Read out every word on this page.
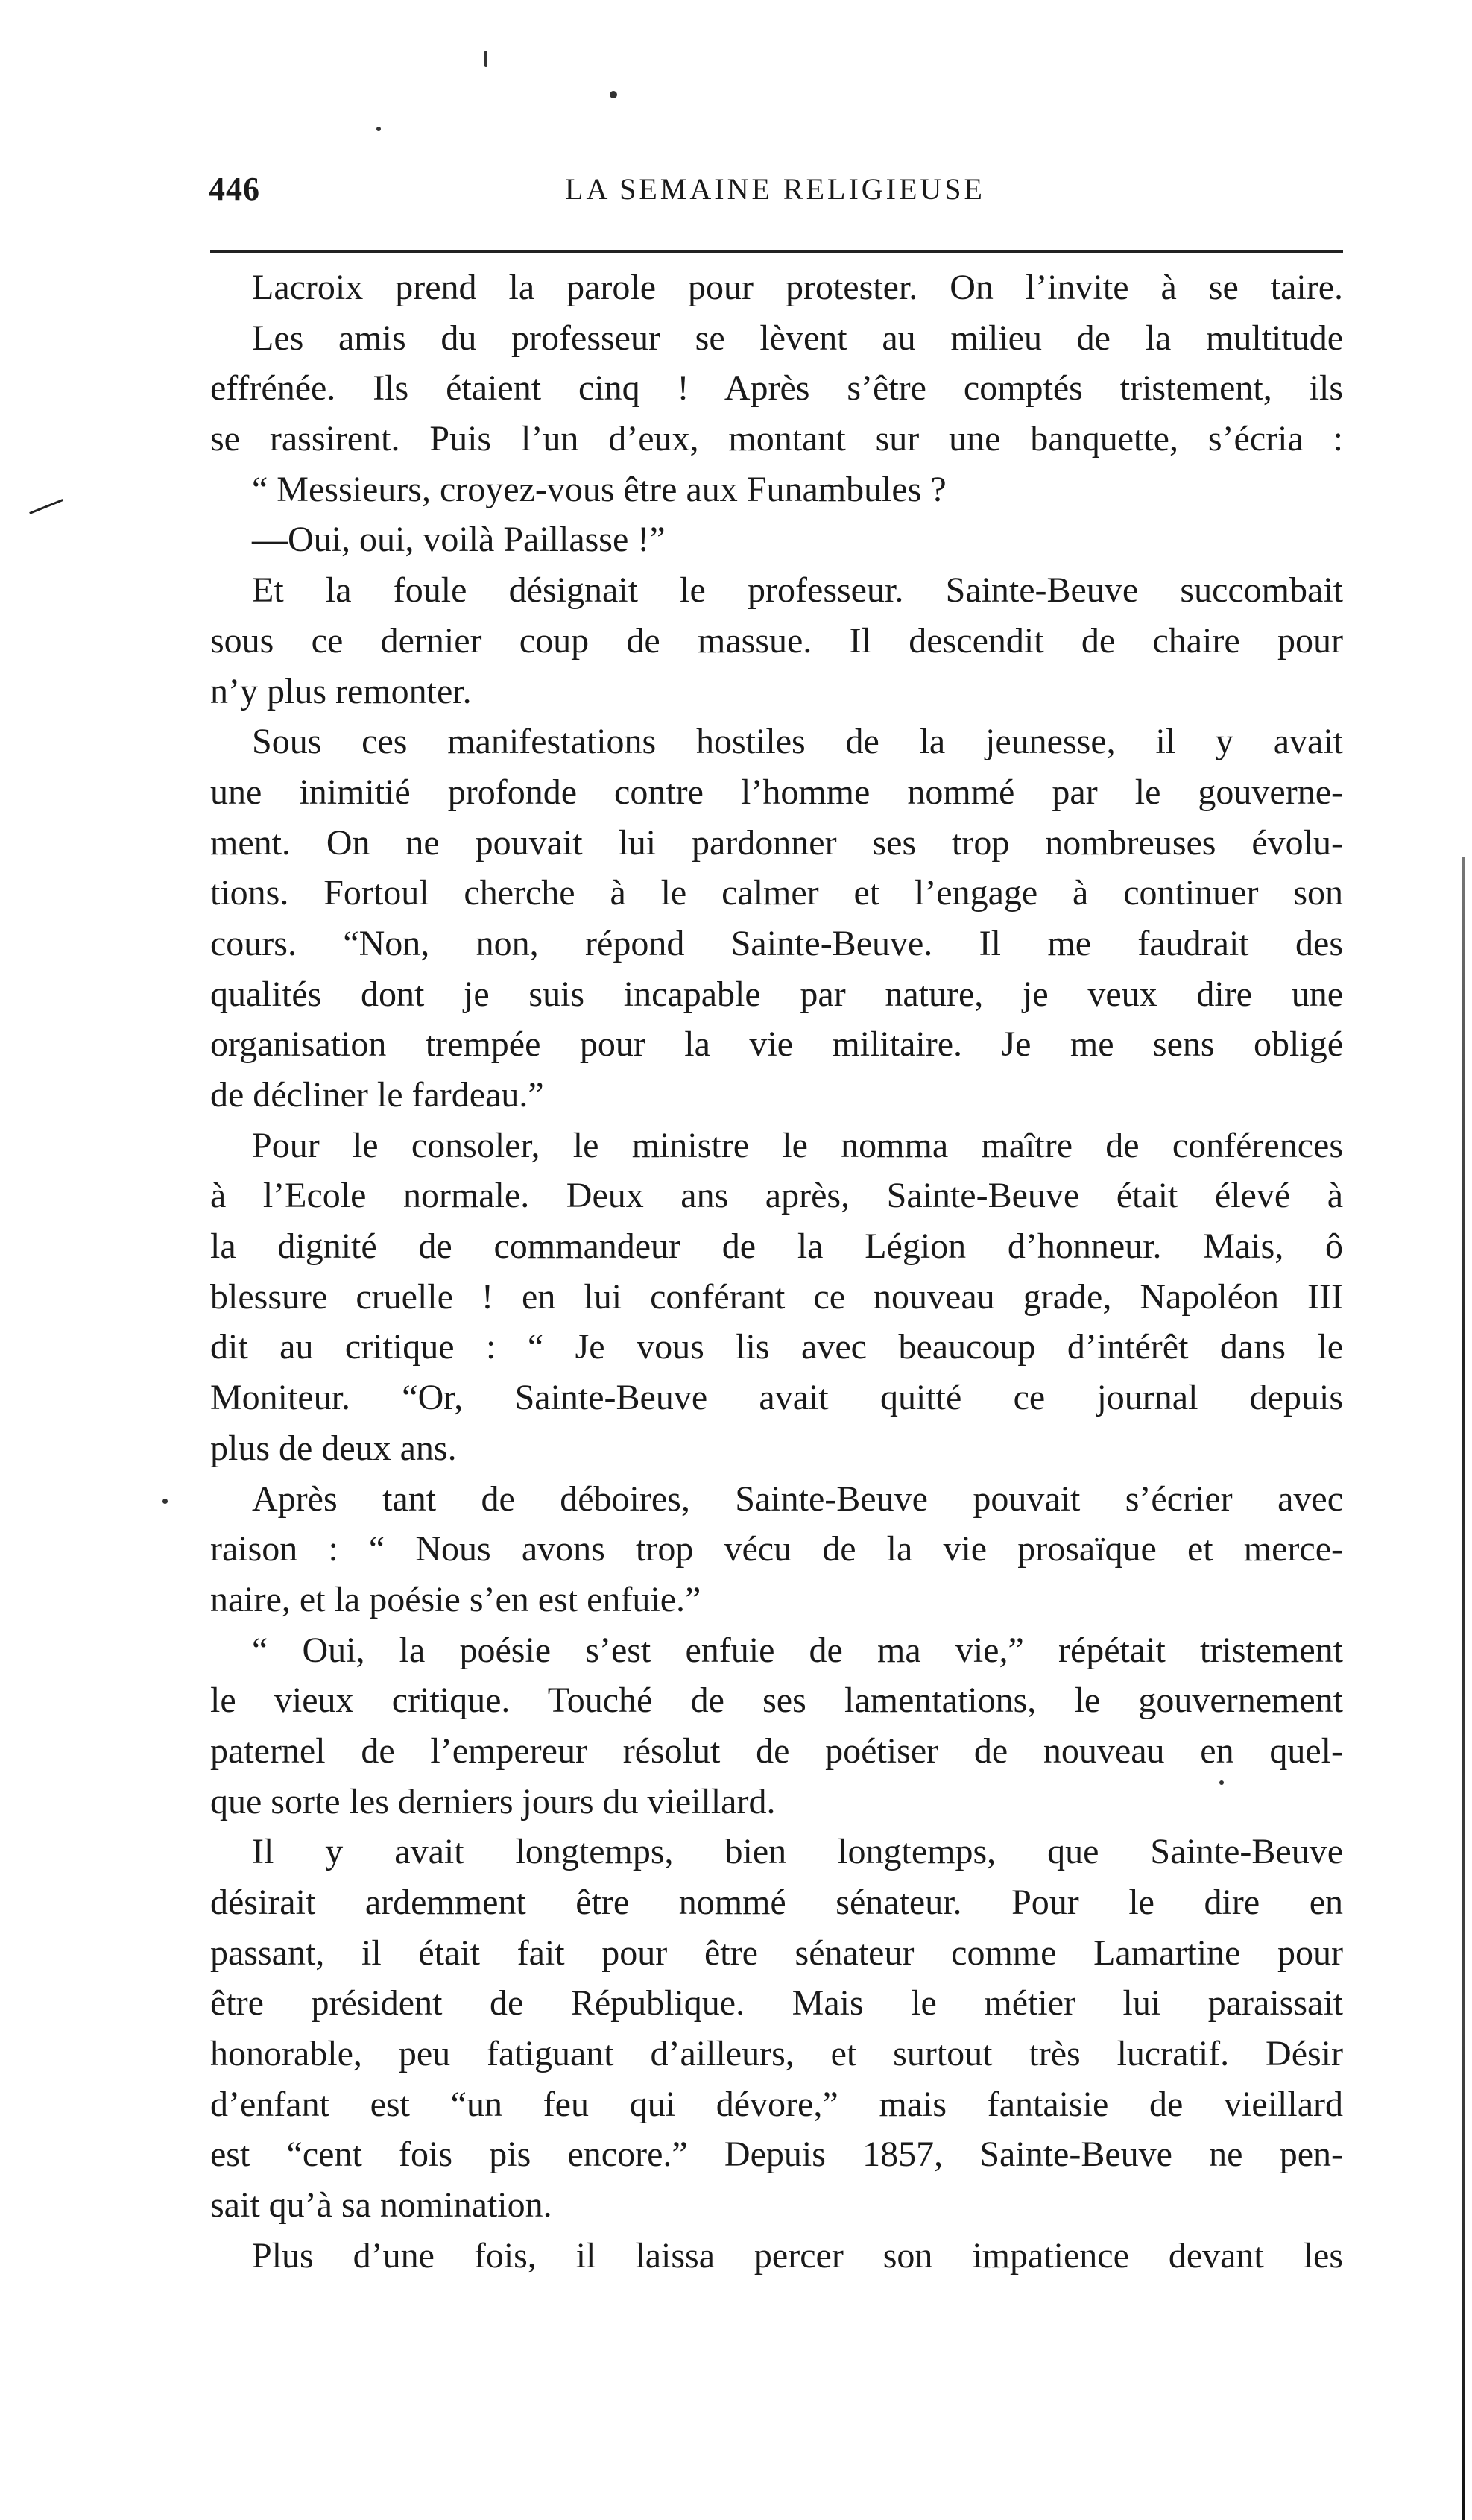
446	LA SEMAINE RELIGIEUSE
Lacroix prend la parole pour protester. On l’invite à se taire.
Les amis du professeur se lèvent au milieu de la multitude
effrénée. Ils étaient cinq ! Après s’être comptés tristement, ils
se rassirent. Puis l’un d’eux, montant sur une banquette, s’écria :
“ Messieurs, croyez-vous être aux Funambules ?
—Oui, oui, voilà Paillasse !”
Et la foule désignait le professeur. Sainte-Beuve succombait
sous ce dernier coup de massue. Il descendit de chaire pour
n’y plus remonter.
Sous ces manifestations hostiles de la jeunesse, il y avait
une inimitié profonde contre l’homme nommé par le gouverne-
ment. On ne pouvait lui pardonner ses trop nombreuses évolu-
tions. Fortoul cherche à le calmer et l’engage à continuer son
cours. “Non, non, répond Sainte-Beuve. Il me faudrait des
qualités dont je suis incapable par nature, je veux dire une
organisation trempée pour la vie militaire. Je me sens obligé
de décliner le fardeau.”
Pour le consoler, le ministre le nomma maître de conférences
à l’Ecole normale. Deux ans après, Sainte-Beuve était élevé à
la dignité de commandeur de la Légion d’honneur. Mais, ô
blessure cruelle ! en lui conférant ce nouveau grade, Napoléon III
dit au critique : “ Je vous lis avec beaucoup d’intérêt dans le
Moniteur. “Or, Sainte-Beuve avait quitté ce journal depuis
plus de deux ans.
Après tant de déboires, Sainte-Beuve pouvait s’écrier avec
raison : “ Nous avons trop vécu de la vie prosaïque et merce-
naire, et la poésie s’en est enfuie.”
“ Oui, la poésie s’est enfuie de ma vie,” répétait tristement
le vieux critique. Touché de ses lamentations, le gouvernement
paternel de l’empereur résolut de poétiser de nouveau en quel-
que sorte les derniers jours du vieillard.
Il y avait longtemps, bien longtemps, que Sainte-Beuve
désirait ardemment être nommé sénateur. Pour le dire en
passant, il était fait pour être sénateur comme Lamartine pour
être président de République. Mais le métier lui paraissait
honorable, peu fatiguant d’ailleurs, et surtout très lucratif. Désir
d’enfant est “un feu qui dévore,” mais fantaisie de vieillard
est “cent fois pis encore.” Depuis 1857, Sainte-Beuve ne pen-
sait qu’à sa nomination.
Plus d’une fois, il laissa percer son impatience devant les
